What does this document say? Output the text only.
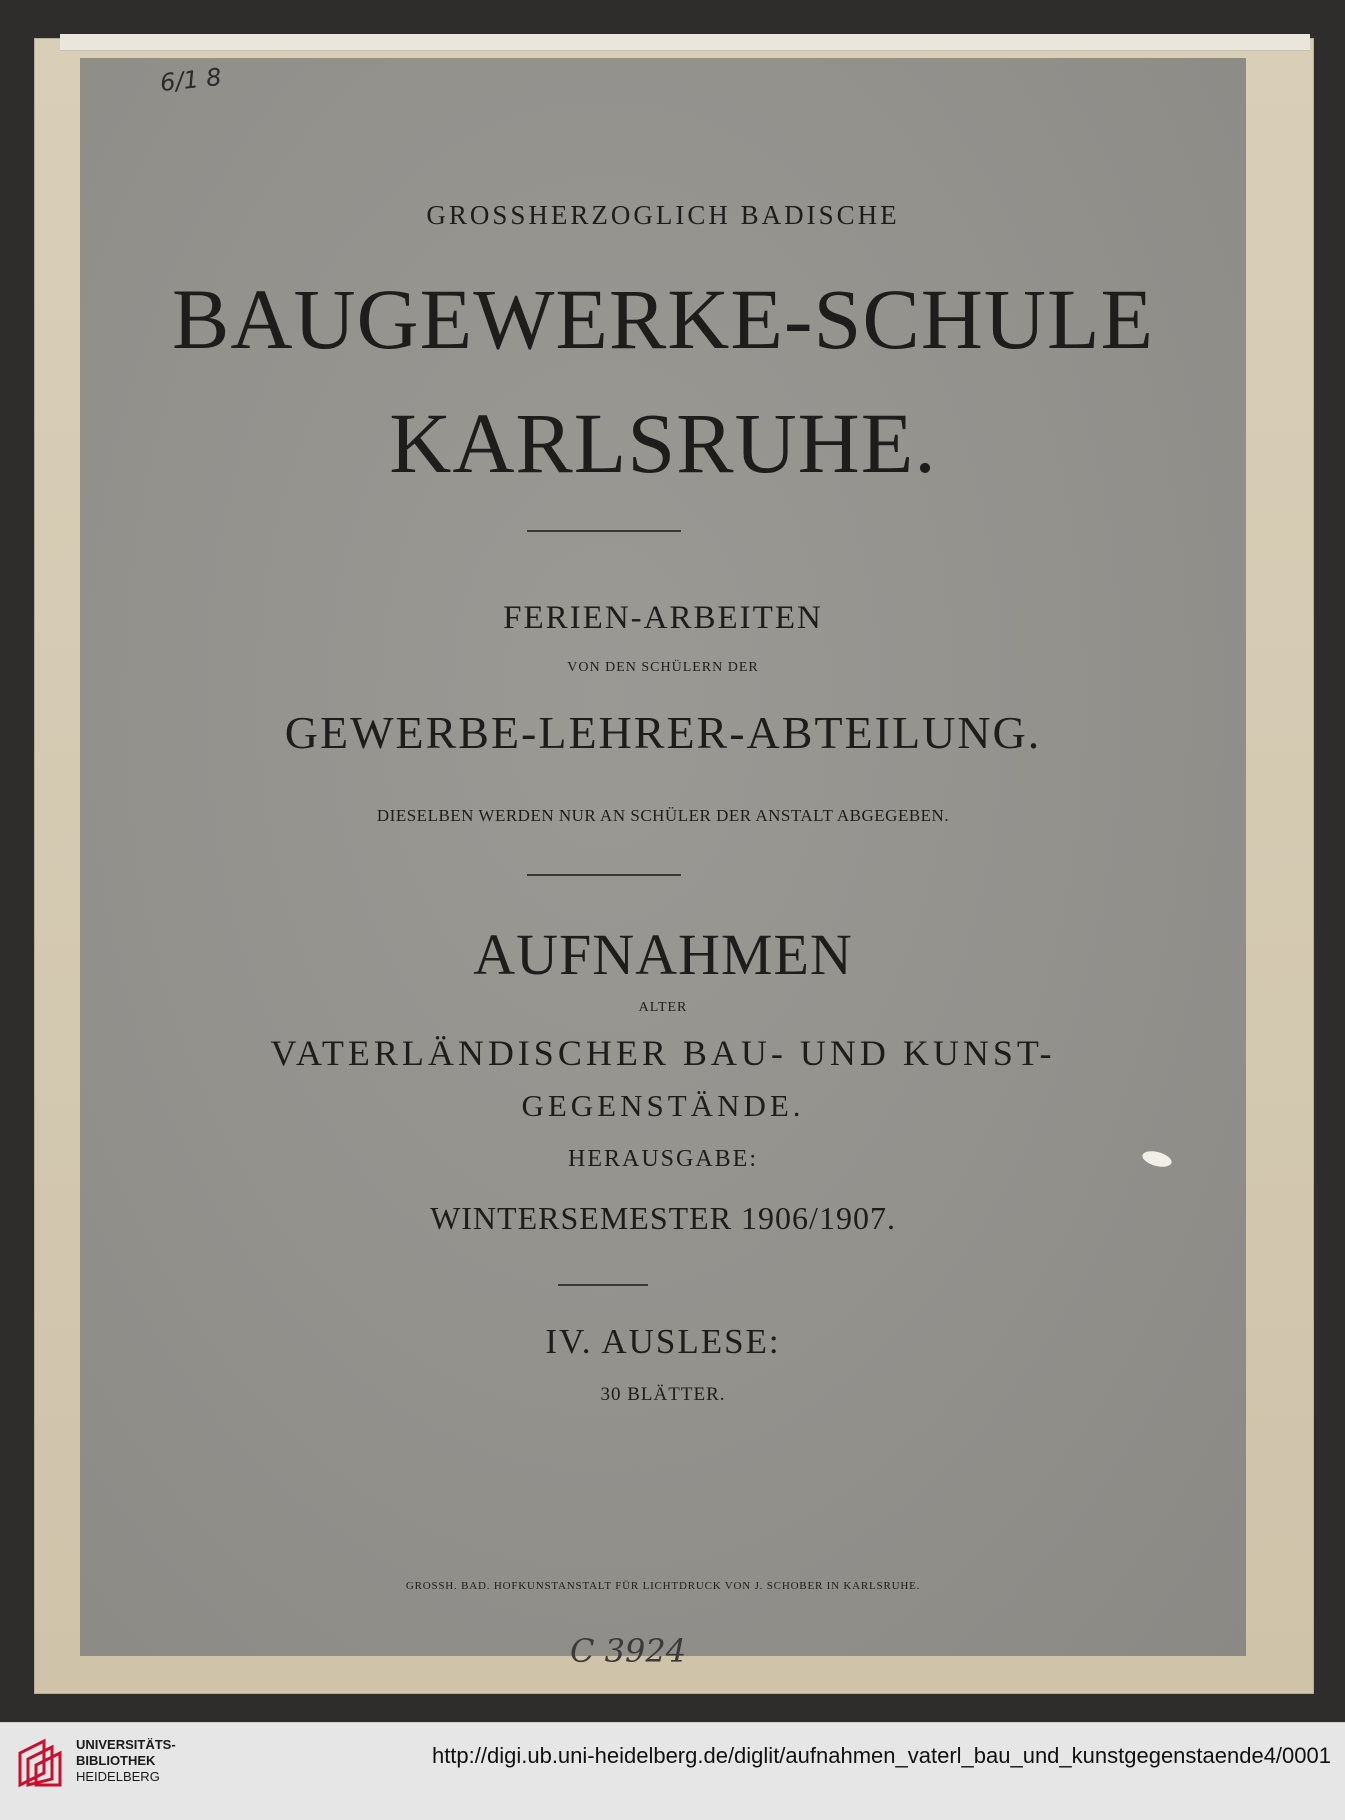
6/1 8

GROSSHERZOGLICH BADISCHE

BAUGEWERKE-SCHULE

KARLSRUHE.

FERIEN-ARBEITEN

VON DEN SCHÜLERN DER

GEWERBE-LEHRER-ABTEILUNG.

DIESELBEN WERDEN NUR AN SCHÜLER DER ANSTALT ABGEGEBEN.

AUFNAHMEN

ALTER

VATERLÄNDISCHER BAU- UND KUNST-

GEGENSTÄNDE.

HERAUSGABE:

WINTERSEMESTER 1906/1907.

IV. AUSLESE:

30 BLÄTTER.

GROSSH. BAD. HOFKUNSTANSTALT FÜR LICHTDRUCK VON J. SCHOBER IN KARLSRUHE.

C 3924
UNIVERSITÄTS-
BIBLIOTHEK
HEIDELBERG
http://digi.ub.uni-heidelberg.de/diglit/aufnahmen_vaterl_bau_und_kunstgegenstaende4/0001
